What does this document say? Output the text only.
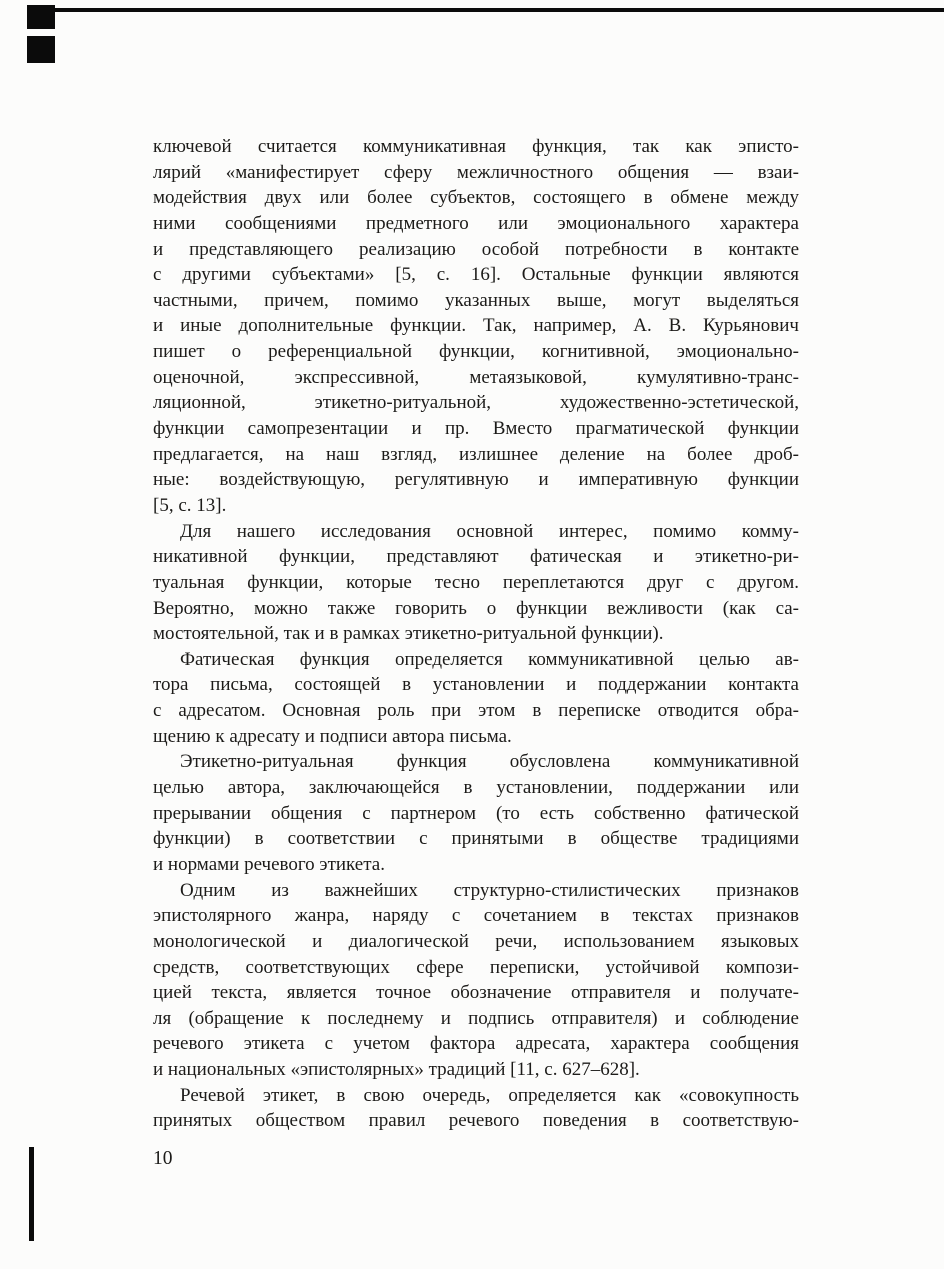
ключевой считается коммуникативная функция, так как эписто-
лярий «манифестирует сферу межличностного общения — взаи-
модействия двух или более субъектов, состоящего в обмене между
ними сообщениями предметного или эмоционального характера
и представляющего реализацию особой потребности в контакте
с другими субъектами» [5, с. 16]. Остальные функции являются
частными, причем, помимо указанных выше, могут выделяться
и иные дополнительные функции. Так, например, А. В. Курьянович
пишет о референциальной функции, когнитивной, эмоционально-
оценочной, экспрессивной, метаязыковой, кумулятивно-транс-
ляционной, этикетно-ритуальной, художественно-эстетической,
функции самопрезентации и пр. Вместо прагматической функции
предлагается, на наш взгляд, излишнее деление на более дроб-
ные: воздействующую, регулятивную и императивную функции
[5, с. 13].
Для нашего исследования основной интерес, помимо комму-
никативной функции, представляют фатическая и этикетно-ри-
туальная функции, которые тесно переплетаются друг с другом.
Вероятно, можно также говорить о функции вежливости (как са-
мостоятельной, так и в рамках этикетно-ритуальной функции).
Фатическая функция определяется коммуникативной целью ав-
тора письма, состоящей в установлении и поддержании контакта
с адресатом. Основная роль при этом в переписке отводится обра-
щению к адресату и подписи автора письма.
Этикетно-ритуальная функция обусловлена коммуникативной
целью автора, заключающейся в установлении, поддержании или
прерывании общения с партнером (то есть собственно фатической
функции) в соответствии с принятыми в обществе традициями
и нормами речевого этикета.
Одним из важнейших структурно-стилистических признаков
эпистолярного жанра, наряду с сочетанием в текстах признаков
монологической и диалогической речи, использованием языковых
средств, соответствующих сфере переписки, устойчивой компози-
цией текста, является точное обозначение отправителя и получате-
ля (обращение к последнему и подпись отправителя) и соблюдение
речевого этикета с учетом фактора адресата, характера сообщения
и национальных «эпистолярных» традиций [11, с. 627–628].
Речевой этикет, в свою очередь, определяется как «совокупность
принятых обществом правил речевого поведения в соответствую-
10
